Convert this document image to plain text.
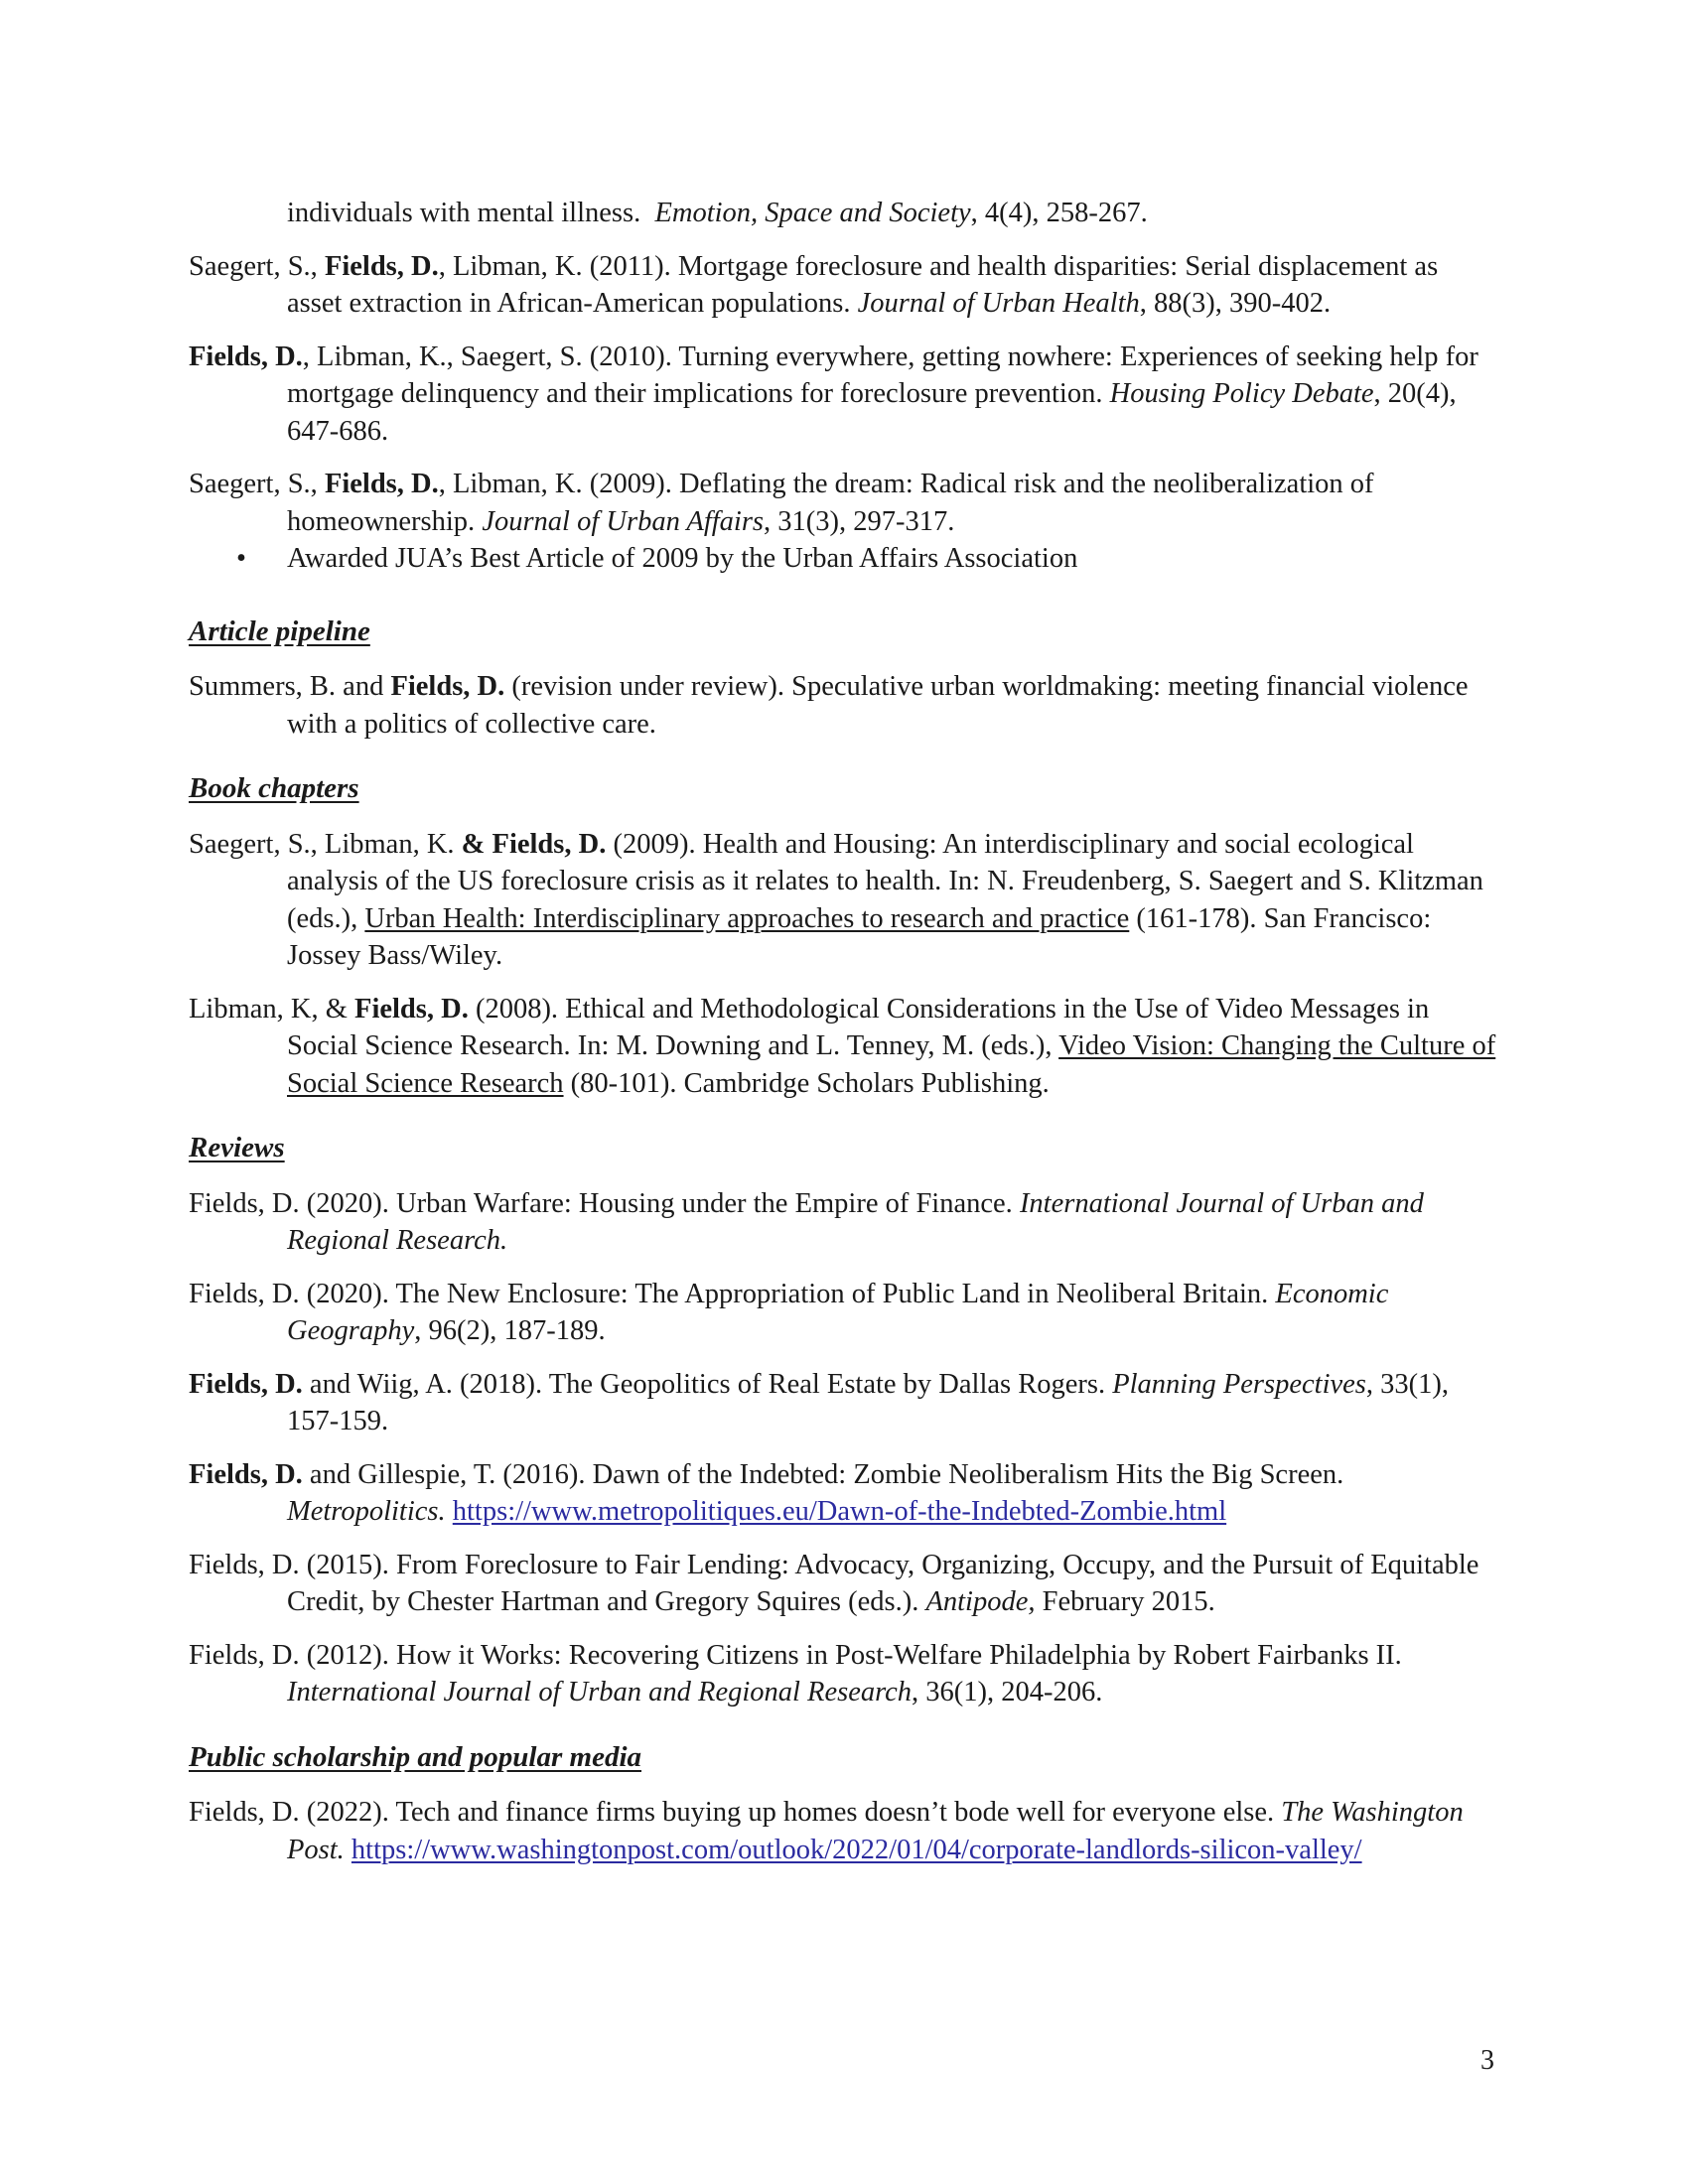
individuals with mental illness. Emotion, Space and Society, 4(4), 258-267.

Saegert, S., Fields, D., Libman, K. (2011). Mortgage foreclosure and health disparities: Serial displacement as asset extraction in African-American populations. Journal of Urban Health, 88(3), 390-402.

Fields, D., Libman, K., Saegert, S. (2010). Turning everywhere, getting nowhere: Experiences of seeking help for mortgage delinquency and their implications for foreclosure prevention. Housing Policy Debate, 20(4), 647-686.

Saegert, S., Fields, D., Libman, K. (2009). Deflating the dream: Radical risk and the neoliberalization of homeownership. Journal of Urban Affairs, 31(3), 297-317.

• Awarded JUA’s Best Article of 2009 by the Urban Affairs Association
Article pipeline

Summers, B. and Fields, D. (revision under review). Speculative urban worldmaking: meeting financial violence with a politics of collective care.

Book chapters

Saegert, S., Libman, K. & Fields, D. (2009). Health and Housing: An interdisciplinary and social ecological analysis of the US foreclosure crisis as it relates to health. In: N. Freudenberg, S. Saegert and S. Klitzman (eds.), Urban Health: Interdisciplinary approaches to research and practice (161-178). San Francisco: Jossey Bass/Wiley.

Libman, K, & Fields, D. (2008). Ethical and Methodological Considerations in the Use of Video Messages in Social Science Research. In: M. Downing and L. Tenney, M. (eds.), Video Vision: Changing the Culture of Social Science Research (80-101). Cambridge Scholars Publishing.

Reviews

Fields, D. (2020). Urban Warfare: Housing under the Empire of Finance. International Journal of Urban and Regional Research.

Fields, D. (2020). The New Enclosure: The Appropriation of Public Land in Neoliberal Britain. Economic Geography, 96(2), 187-189.

Fields, D. and Wiig, A. (2018). The Geopolitics of Real Estate by Dallas Rogers. Planning Perspectives, 33(1), 157-159.

Fields, D. and Gillespie, T. (2016). Dawn of the Indebted: Zombie Neoliberalism Hits the Big Screen. Metropolitics. https://www.metropolitiques.eu/Dawn-of-the-Indebted-Zombie.html

Fields, D. (2015). From Foreclosure to Fair Lending: Advocacy, Organizing, Occupy, and the Pursuit of Equitable Credit, by Chester Hartman and Gregory Squires (eds.). Antipode, February 2015.

Fields, D. (2012). How it Works: Recovering Citizens in Post-Welfare Philadelphia by Robert Fairbanks II. International Journal of Urban and Regional Research, 36(1), 204-206.

Public scholarship and popular media

Fields, D. (2022). Tech and finance firms buying up homes doesn’t bode well for everyone else. The Washington Post. https://www.washingtonpost.com/outlook/2022/01/04/corporate-landlords-silicon-valley/

3
